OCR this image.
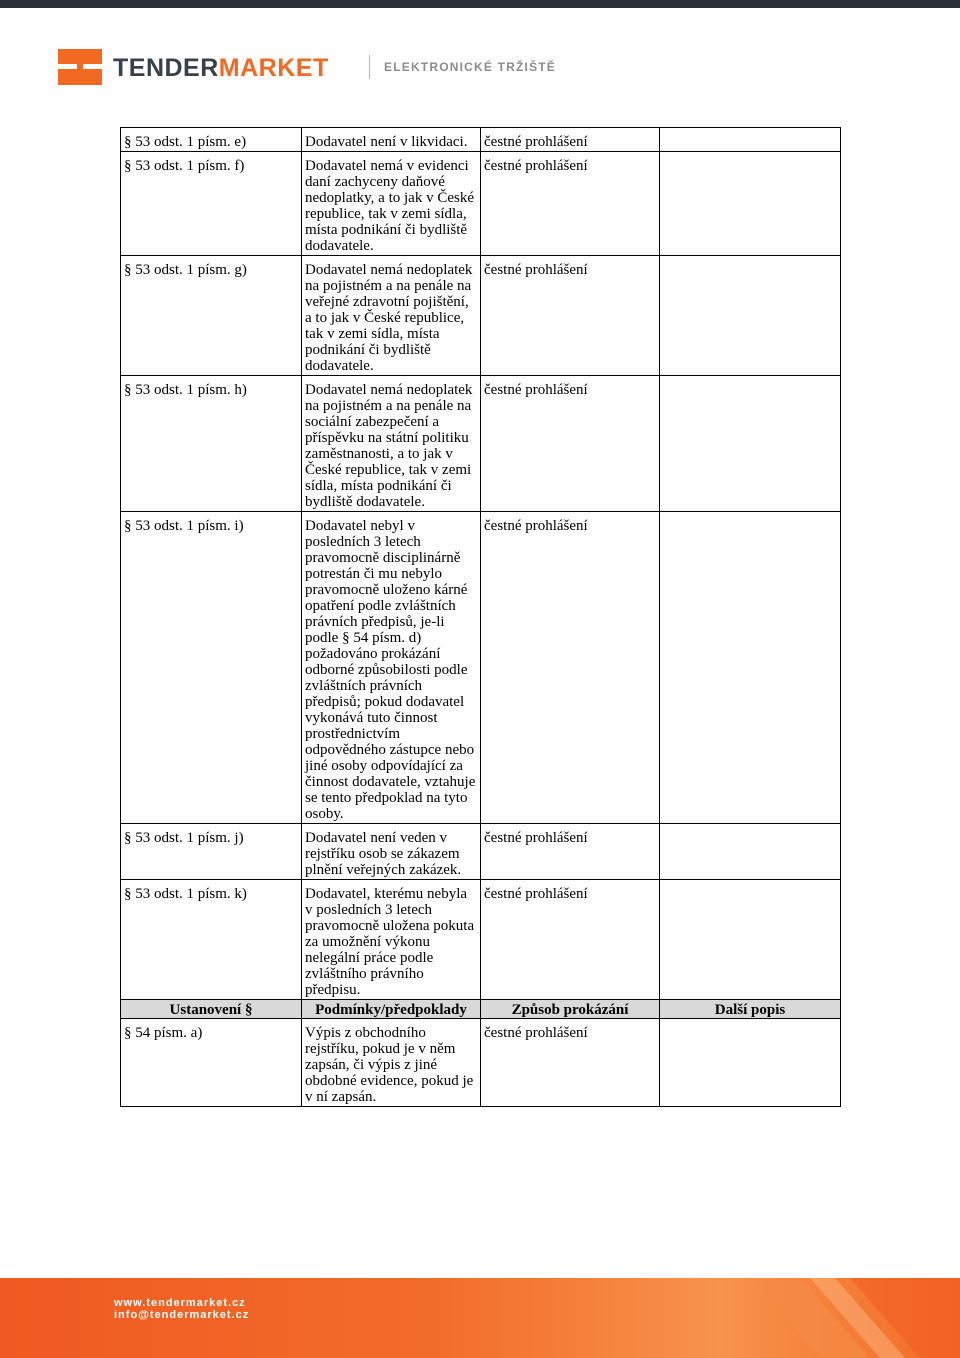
TENDERMARKET	ELEKTRONICKÉ TRŽIŠTĚ
§ 53 odst. 1 písm. e)	Dodavatel není v likvidaci.	čestné prohlášení	
§ 53 odst. 1 písm. f)	Dodavatel nemá v evidenci daní zachyceny daňové nedoplatky, a to jak v České republice, tak v zemi sídla, místa podnikání či bydliště dodavatele.	čestné prohlášení	
§ 53 odst. 1 písm. g)	Dodavatel nemá nedoplatek na pojistném a na penále na veřejné zdravotní pojištění, a to jak v České republice, tak v zemi sídla, místa podnikání či bydliště dodavatele.	čestné prohlášení	
§ 53 odst. 1 písm. h)	Dodavatel nemá nedoplatek na pojistném a na penále na sociální zabezpečení a příspěvku na státní politiku zaměstnanosti, a to jak v České republice, tak v zemi sídla, místa podnikání či bydliště dodavatele.	čestné prohlášení	
§ 53 odst. 1 písm. i)	Dodavatel nebyl v posledních 3 letech pravomocně disciplinárně potrestán či mu nebylo pravomocně uloženo kárné opatření podle zvláštních právních předpisů, je-li podle § 54 písm. d) požadováno prokázání odborné způsobilosti podle zvláštních právních předpisů; pokud dodavatel vykonává tuto činnost prostřednictvím odpovědného zástupce nebo jiné osoby odpovídající za činnost dodavatele, vztahuje se tento předpoklad na tyto osoby.	čestné prohlášení	
§ 53 odst. 1 písm. j)	Dodavatel není veden v rejstříku osob se zákazem plnění veřejných zakázek.	čestné prohlášení	
§ 53 odst. 1 písm. k)	Dodavatel, kterému nebyla v posledních 3 letech pravomocně uložena pokuta za umožnění výkonu nelegální práce podle zvláštního právního předpisu.	čestné prohlášení	
Ustanovení §	Podmínky/předpoklady	Způsob prokázání	Další popis
§ 54 písm. a)	Výpis z obchodního rejstříku, pokud je v něm zapsán, či výpis z jiné obdobné evidence, pokud je v ní zapsán.	čestné prohlášení	
www.tendermarket.cz
info@tendermarket.cz
